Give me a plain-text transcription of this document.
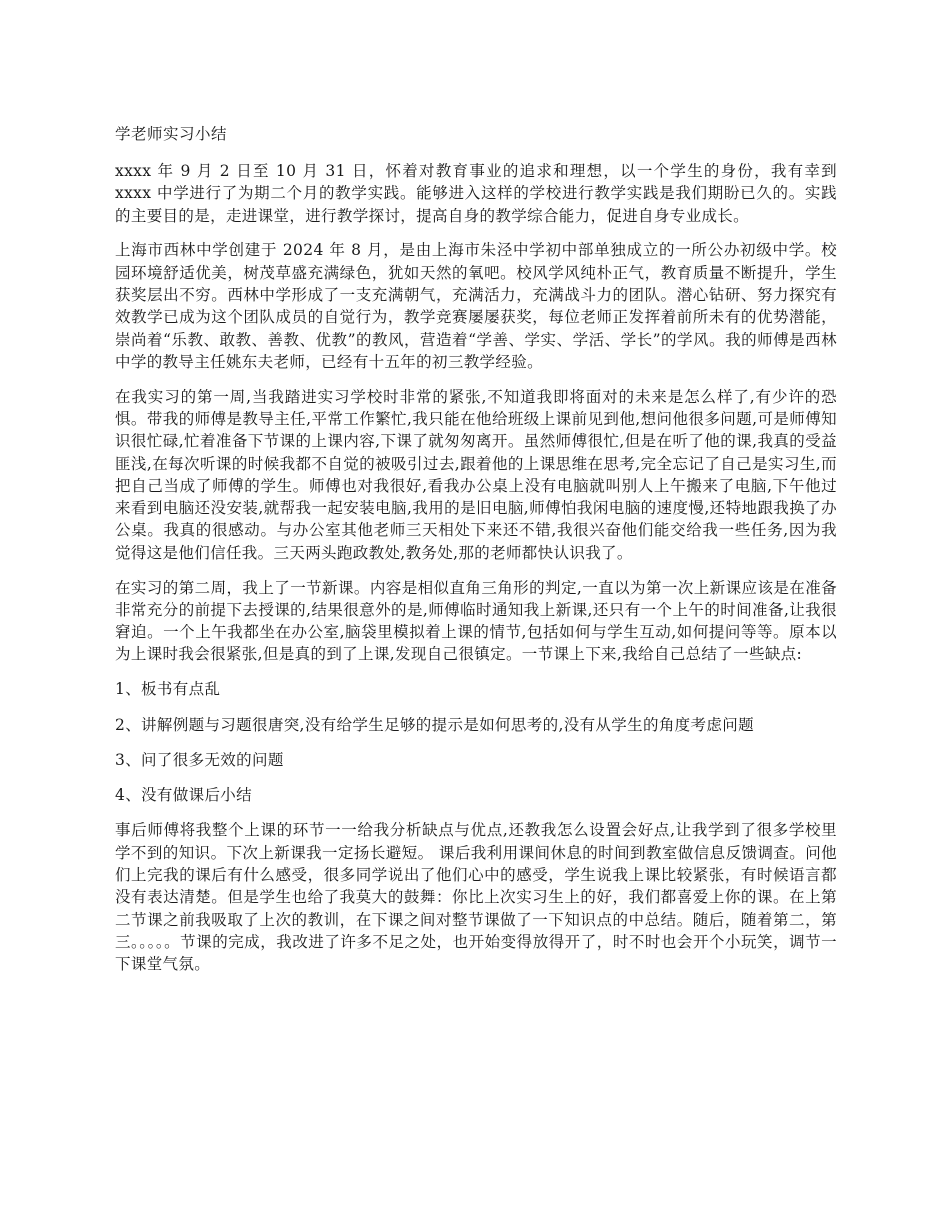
学老师实习小结

xxxx 年 9 月 2 日至 10 月 31 日，怀着对教育事业的追求和理想，以一个学生的身份，我有幸到 xxxx 中学进行了为期二个月的教学实践。能够进入这样的学校进行教学实践是我们期盼已久的。实践的主要目的是，走进课堂，进行教学探讨，提高自身的教学综合能力，促进自身专业成长。

上海市西林中学创建于 2024 年 8 月，是由上海市朱泾中学初中部单独成立的一所公办初级中学。校园环境舒适优美，树茂草盛充满绿色，犹如天然的氧吧。校风学风纯朴正气，教育质量不断提升，学生获奖层出不穷。西林中学形成了一支充满朝气，充满活力，充满战斗力的团队。潜心钻研、努力探究有效教学已成为这个团队成员的自觉行为，教学竞赛屡屡获奖，每位老师正发挥着前所未有的优势潜能，崇尚着“乐教、敢教、善教、优教”的教风，营造着“学善、学实、学活、学长”的学风。我的师傅是西林中学的教导主任姚东夫老师，已经有十五年的初三教学经验。

在我实习的第一周,当我踏进实习学校时非常的紧张,不知道我即将面对的未来是怎么样了,有少许的恐惧。带我的师傅是教导主任,平常工作繁忙,我只能在他给班级上课前见到他,想问他很多问题,可是师傅知识很忙碌,忙着准备下节课的上课内容,下课了就匆匆离开。虽然师傅很忙,但是在听了他的课,我真的受益匪浅,在每次听课的时候我都不自觉的被吸引过去,跟着他的上课思维在思考,完全忘记了自己是实习生,而把自己当成了师傅的学生。师傅也对我很好,看我办公桌上没有电脑就叫别人上午搬来了电脑,下午他过来看到电脑还没安装,就帮我一起安装电脑,我用的是旧电脑,师傅怕我闲电脑的速度慢,还特地跟我换了办公桌。我真的很感动。与办公室其他老师三天相处下来还不错,我很兴奋他们能交给我一些任务,因为我觉得这是他们信任我。三天两头跑政教处,教务处,那的老师都快认识我了。

在实习的第二周，我上了一节新课。内容是相似直角三角形的判定,一直以为第一次上新课应该是在准备非常充分的前提下去授课的,结果很意外的是,师傅临时通知我上新课,还只有一个上午的时间准备,让我很窘迫。一个上午我都坐在办公室,脑袋里模拟着上课的情节,包括如何与学生互动,如何提问等等。原本以为上课时我会很紧张,但是真的到了上课,发现自己很镇定。一节课上下来,我给自己总结了一些缺点:

1、板书有点乱
2、讲解例题与习题很唐突,没有给学生足够的提示是如何思考的,没有从学生的角度考虑问题
3、问了很多无效的问题
4、没有做课后小结

事后师傅将我整个上课的环节一一给我分析缺点与优点,还教我怎么设置会好点,让我学到了很多学校里学不到的知识。下次上新课我一定扬长避短。 课后我利用课间休息的时间到教室做信息反馈调查。问他们上完我的课后有什么感受，很多同学说出了他们心中的感受，学生说我上课比较紧张，有时候语言都没有表达清楚。但是学生也给了我莫大的鼓舞：你比上次实习生上的好，我们都喜爱上你的课。在上第二节课之前我吸取了上次的教训，在下课之间对整节课做了一下知识点的中总结。随后，随着第二，第三。。。。。节课的完成，我改进了许多不足之处，也开始变得放得开了，时不时也会开个小玩笑，调节一下课堂气氛。
